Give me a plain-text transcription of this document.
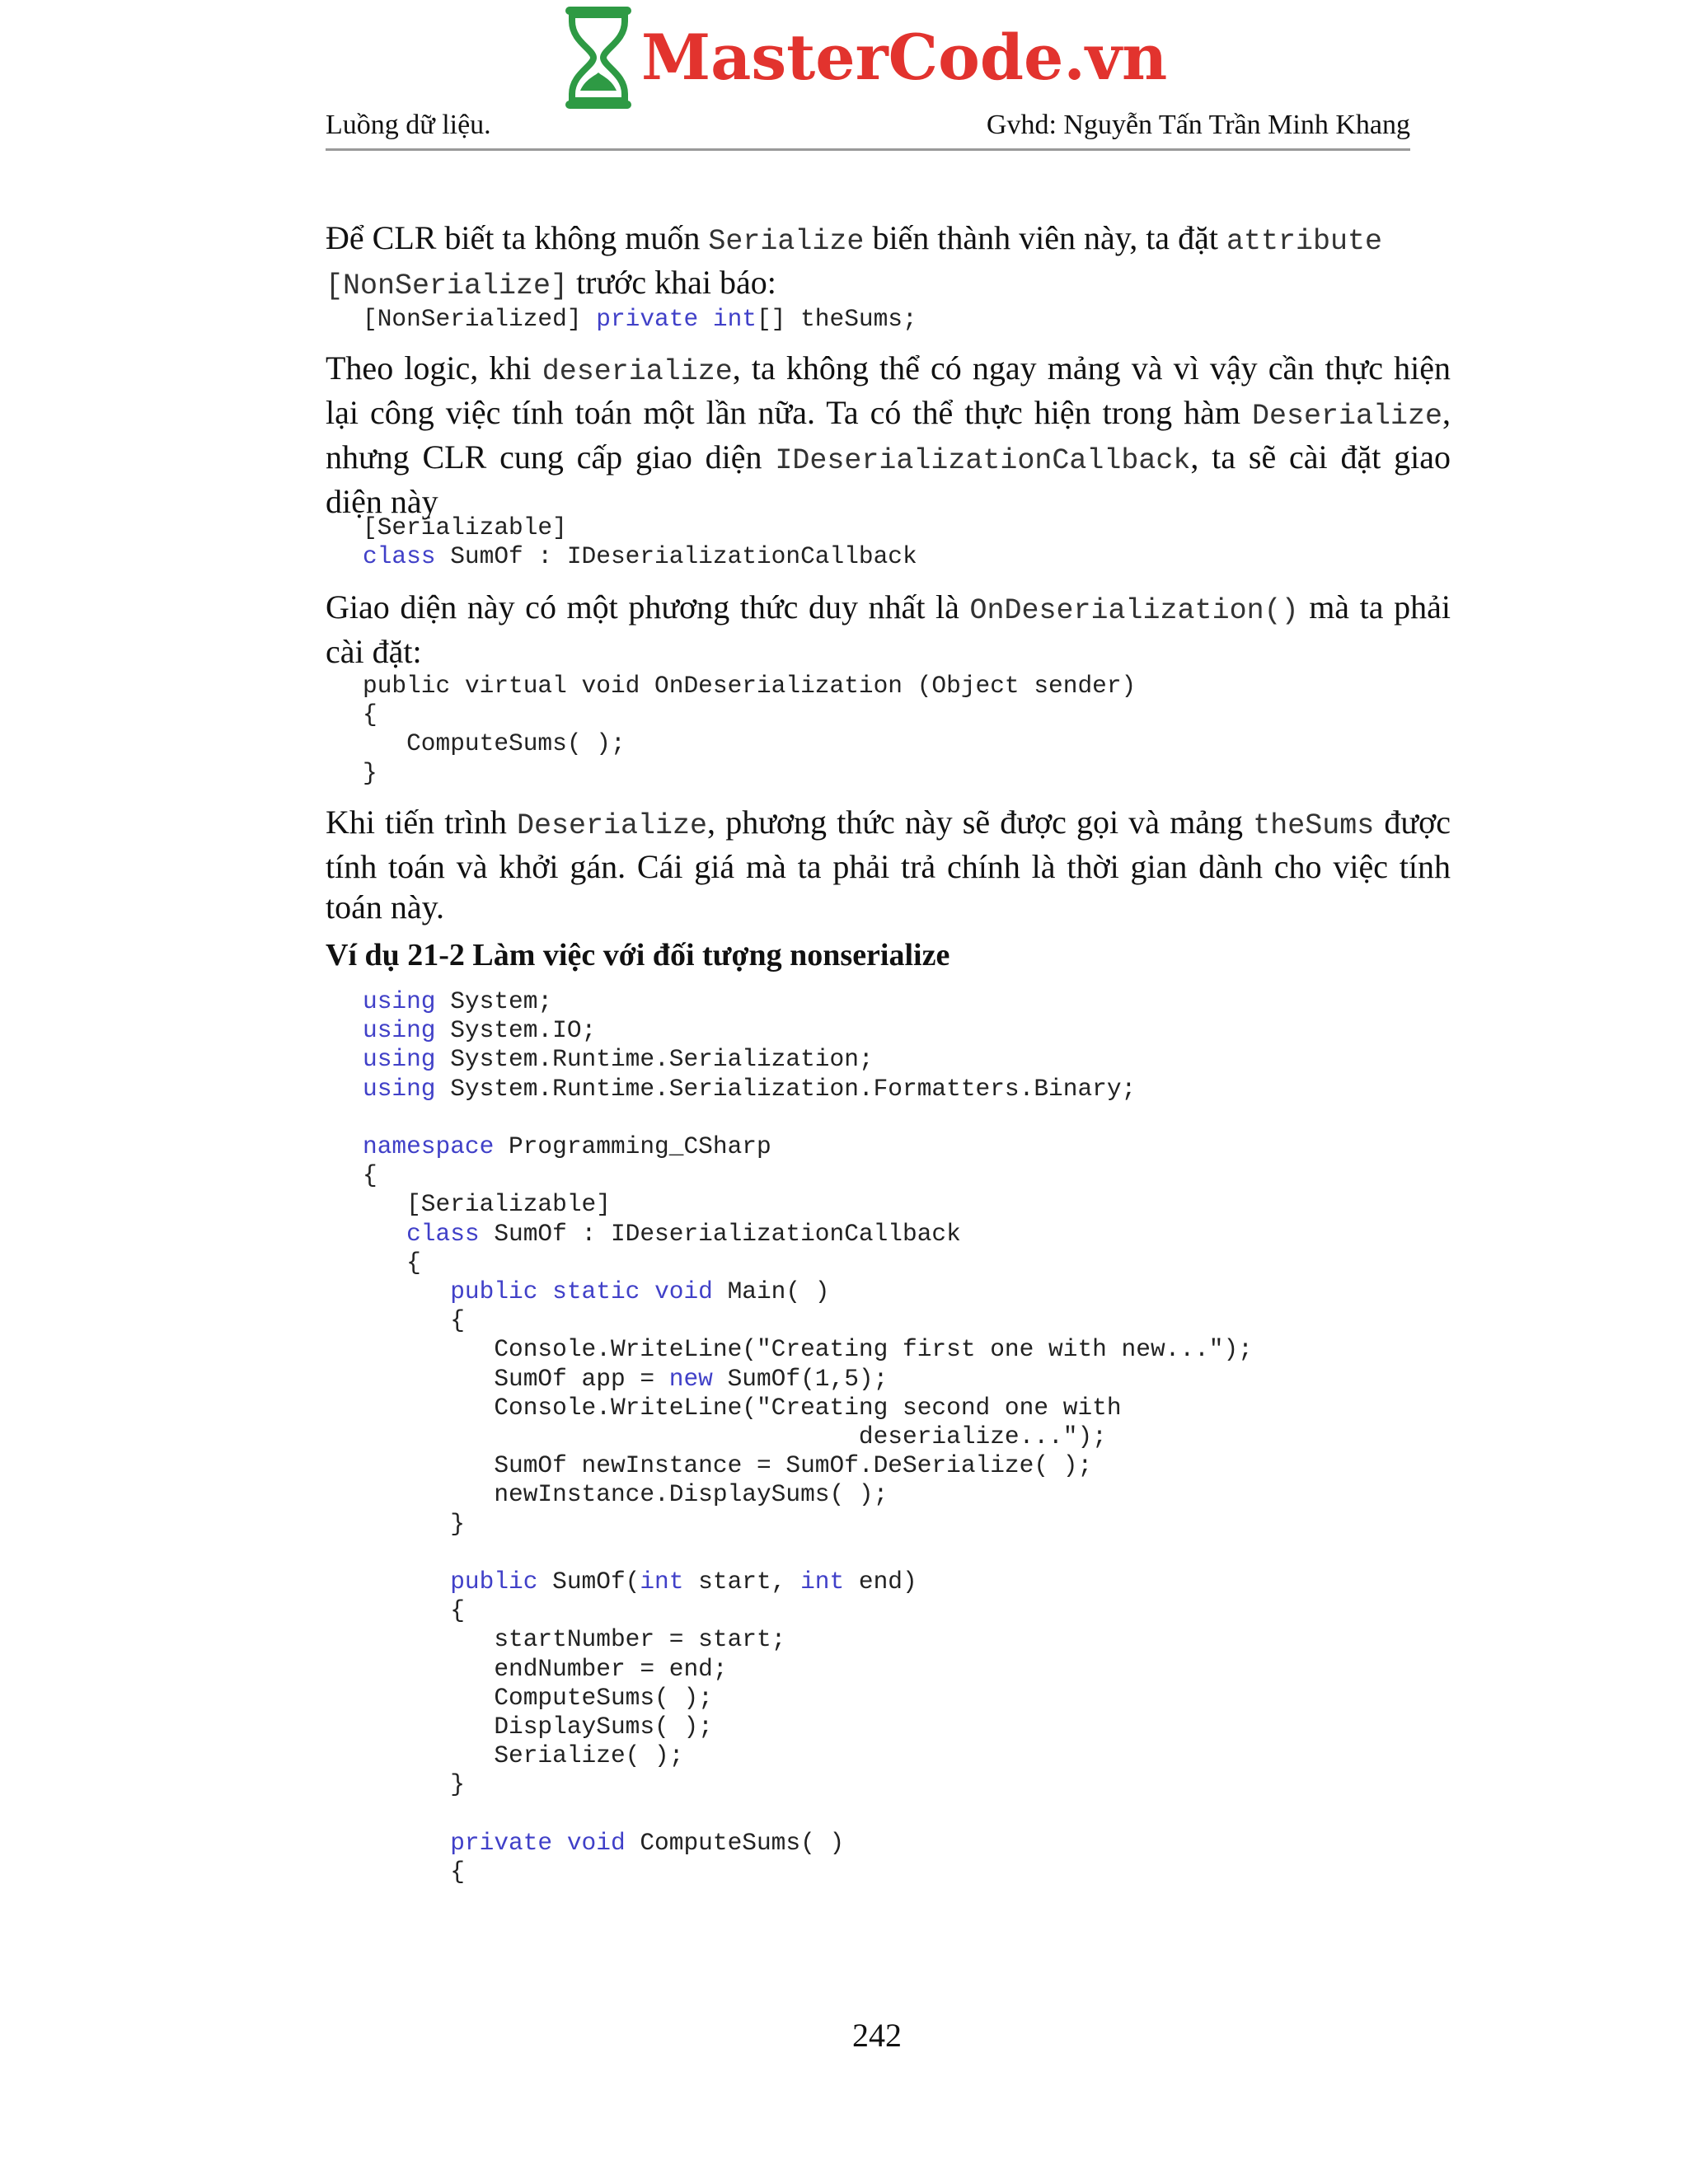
MasterCode.vn
Luồng dữ liệu.	Gvhd: Nguyễn Tấn Trần Minh Khang

Để CLR biết ta không muốn Serialize biến thành viên này, ta đặt attribute
[NonSerialize] trước khai báo:

[NonSerialized] private int[] theSums;

Theo logic, khi deserialize, ta không thể có ngay mảng và vì vậy cần thực hiện lại công việc tính toán một lần nữa. Ta có thể thực hiện trong hàm Deserialize, nhưng CLR cung cấp giao diện IDeserializationCallback, ta sẽ cài đặt giao diện này

[Serializable]
class SumOf : IDeserializationCallback

Giao diện này có một phương thức duy nhất là OnDeserialization() mà ta phải cài đặt:

public virtual void OnDeserialization (Object sender)
{
ComputeSums( );
}

Khi tiến trình Deserialize, phương thức này sẽ được gọi và mảng theSums được tính toán và khởi gán. Cái giá mà ta phải trả chính là thời gian dành cho việc tính toán này.

Ví dụ 21-2 Làm việc với đối tượng nonserialize
using System;
using System.IO;
using System.Runtime.Serialization;
using System.Runtime.Serialization.Formatters.Binary;

namespace Programming_CSharp
{
[Serializable]
class SumOf : IDeserializationCallback
{
public static void Main( )
{
Console.WriteLine("Creating first one with new...");
SumOf app = new SumOf(1,5);
Console.WriteLine("Creating second one with
deserialize...");
SumOf newInstance = SumOf.DeSerialize( );
newInstance.DisplaySums( );
}

public SumOf(int start, int end)
{
startNumber = start;
endNumber = end;
ComputeSums( );
DisplaySums( );
Serialize( );
}

private void ComputeSums( )
{
242
